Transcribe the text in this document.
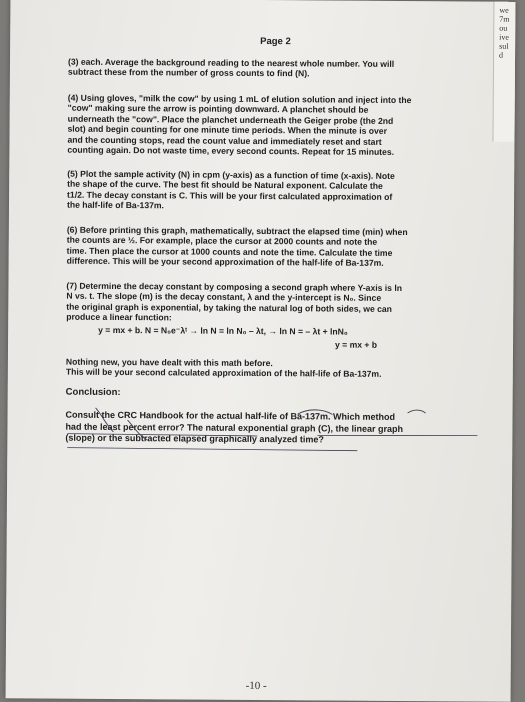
we
7m
ou
ive
sul
d
Page 2
(3) each. Average the background reading to the nearest whole number. You will
subtract these from the number of gross counts to find (N).
(4) Using gloves, "milk the cow" by using 1 mL of elution solution and inject into the
"cow" making sure the arrow is pointing downward. A planchet should be
underneath the "cow". Place the planchet underneath the Geiger probe (the 2nd
slot) and begin counting for one minute time periods. When the minute is over
and the counting stops, read the count value and immediately reset and start
counting again. Do not waste time, every second counts. Repeat for 15 minutes.
(5) Plot the sample activity (N) in cpm (y-axis) as a function of time (x-axis). Note
the shape of the curve. The best fit should be Natural exponent. Calculate the
t1/2. The decay constant is C. This will be your first calculated approximation of
the half-life of Ba-137m.
(6) Before printing this graph, mathematically, subtract the elapsed time (min) when
the counts are ½. For example, place the cursor at 2000 counts and note the
time. Then place the cursor at 1000 counts and note the time. Calculate the time
difference. This will be your second approximation of the half-life of Ba-137m.
(7) Determine the decay constant by composing a second graph where Y-axis is ln
N vs. t. The slope (m) is the decay constant, λ and the y-intercept is N₀. Since
the original graph is exponential, by taking the natural log of both sides, we can
produce a linear function:
y = mx + b. N = N₀e⁻λᵗ → ln N = ln N₀ – λt, → ln N = – λt + lnN₀
y = mx + b
Nothing new, you have dealt with this math before.
This will be your second calculated approximation of the half-life of Ba-137m.
Conclusion:
Consult the CRC Handbook for the actual half-life of Ba-137m. Which method
had the least percent error? The natural exponential graph (C), the linear graph
(slope) or the subtracted elapsed graphically analyzed time?
-10 -
